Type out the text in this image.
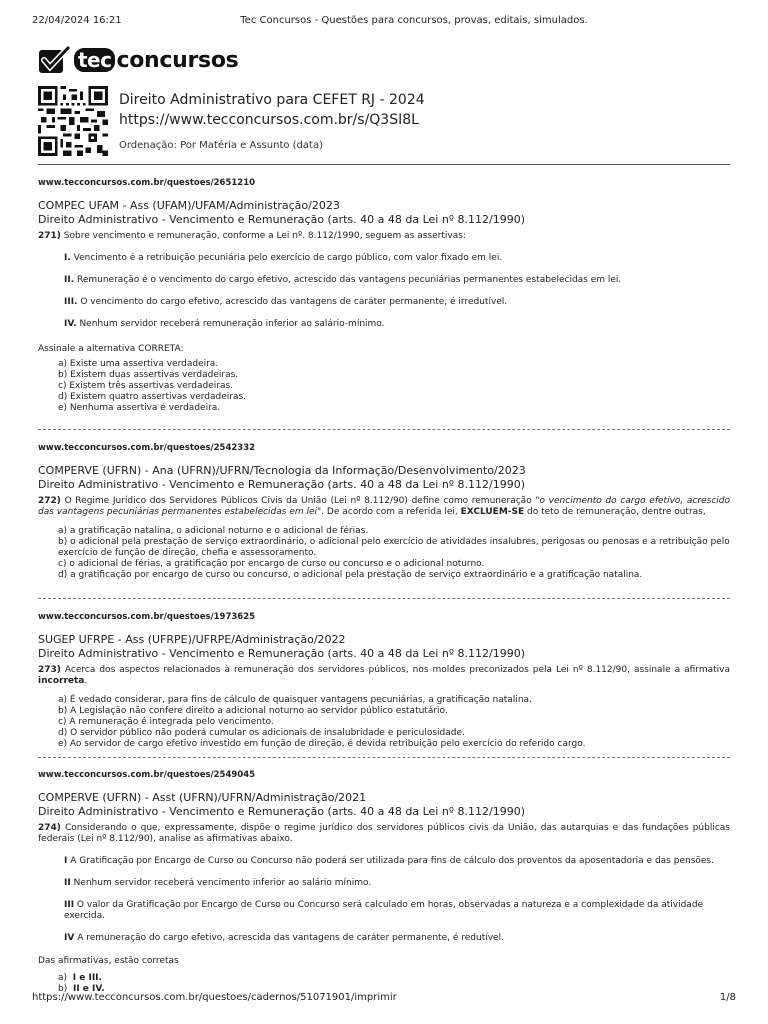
22/04/2024 16:21	Tec Concursos - Questões para concursos, provas, editais, simulados.
tec concursos
Direito Administrativo para CEFET RJ - 2024
https://www.tecconcursos.com.br/s/Q3SI8L
Ordenação: Por Matéria e Assunto (data)
www.tecconcursos.com.br/questoes/2651210
COMPEC UFAM - Ass (UFAM)/UFAM/Administração/2023
Direito Administrativo - Vencimento e Remuneração (arts. 40 a 48 da Lei nº 8.112/1990)
271) Sobre vencimento e remuneração, conforme a Lei nº. 8.112/1990, seguem as assertivas:
I. Vencimento é a retribuição pecuniária pelo exercício de cargo público, com valor fixado em lei.
II. Remuneração é o vencimento do cargo efetivo, acrescido das vantagens pecuniárias permanentes estabelecidas em lei.
III. O vencimento do cargo efetivo, acrescido das vantagens de caráter permanente, é irredutível.
IV. Nenhum servidor receberá remuneração inferior ao salário-mínimo.
Assinale a alternativa CORRETA:
a) Existe uma assertiva verdadeira.
b) Existem duas assertivas verdadeiras.
c) Existem três assertivas verdadeiras.
d) Existem quatro assertivas verdadeiras.
e) Nenhuma assertiva é verdadeira.
www.tecconcursos.com.br/questoes/2542332
COMPERVE (UFRN) - Ana (UFRN)/UFRN/Tecnologia da Informação/Desenvolvimento/2023
Direito Administrativo - Vencimento e Remuneração (arts. 40 a 48 da Lei nº 8.112/1990)
272) O Regime Jurídico dos Servidores Públicos Civis da União (Lei nº 8.112/90) define como remuneração "o vencimento do cargo efetivo, acrescido das vantagens pecuniárias permanentes estabelecidas em lei". De acordo com a referida lei, EXCLUEM-SE do teto de remuneração, dentre outras,
a) a gratificação natalina, o adicional noturno e o adicional de férias.
b) o adicional pela prestação de serviço extraordinário, o adicional pelo exercício de atividades insalubres, perigosas ou penosas e a retribuição pelo exercício de função de direção, chefia e assessoramento.
c) o adicional de férias, a gratificação por encargo de curso ou concurso e o adicional noturno.
d) a gratificação por encargo de curso ou concurso, o adicional pela prestação de serviço extraordinário e a gratificação natalina.
www.tecconcursos.com.br/questoes/1973625
SUGEP UFRPE - Ass (UFRPE)/UFRPE/Administração/2022
Direito Administrativo - Vencimento e Remuneração (arts. 40 a 48 da Lei nº 8.112/1990)
273) Acerca dos aspectos relacionados à remuneração dos servidores públicos, nos moldes preconizados pela Lei nº 8.112/90, assinale a afirmativa incorreta.
a) É vedado considerar, para fins de cálculo de quaisquer vantagens pecuniárias, a gratificação natalina.
b) A Legislação não confere direito a adicional noturno ao servidor público estatutário.
c) A remuneração é integrada pelo vencimento.
d) O servidor público não poderá cumular os adicionais de insalubridade e periculosidade.
e) Ao servidor de cargo efetivo investido em função de direção, é devida retribuição pelo exercício do referido cargo.
www.tecconcursos.com.br/questoes/2549045
COMPERVE (UFRN) - Asst (UFRN)/UFRN/Administração/2021
Direito Administrativo - Vencimento e Remuneração (arts. 40 a 48 da Lei nº 8.112/1990)
274) Considerando o que, expressamente, dispõe o regime jurídico dos servidores públicos civis da União, das autarquias e das fundações públicas federais (Lei nº 8.112/90), analise as afirmativas abaixo.
I A Gratificação por Encargo de Curso ou Concurso não poderá ser utilizada para fins de cálculo dos proventos da aposentadoria e das pensões.
II Nenhum servidor receberá vencimento inferior ao salário mínimo.
III O valor da Gratificação por Encargo de Curso ou Concurso será calculado em horas, observadas a natureza e a complexidade da atividade exercida.
IV A remuneração do cargo efetivo, acrescida das vantagens de caráter permanente, é redutível.
Das afirmativas, estão corretas
a) I e III.
b) II e IV.
https://www.tecconcursos.com.br/questoes/cadernos/51071901/imprimir	1/8
